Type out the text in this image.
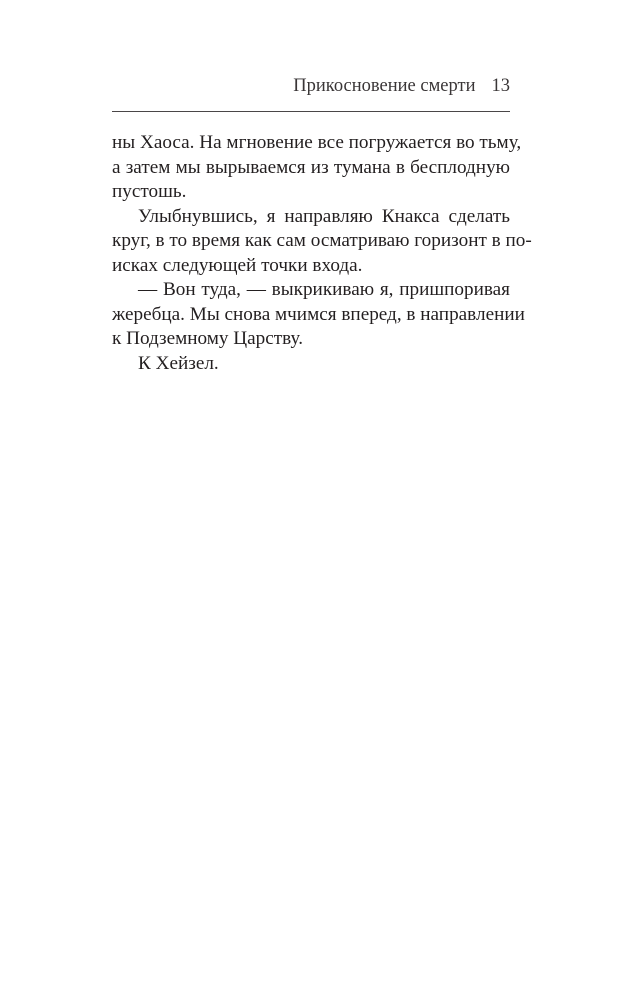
Прикосновение смерти 13
ны Хаоса. На мгновение все погружается во тьму,
а затем мы вырываемся из тумана в бесплодную
пустошь.
Улыбнувшись, я направляю Кнакса сделать
круг, в то время как сам осматриваю горизонт в по-
исках следующей точки входа.
— Вон туда, — выкрикиваю я, пришпоривая
жеребца. Мы снова мчимся вперед, в направлении
к Подземному Царству.
К Хейзел.
